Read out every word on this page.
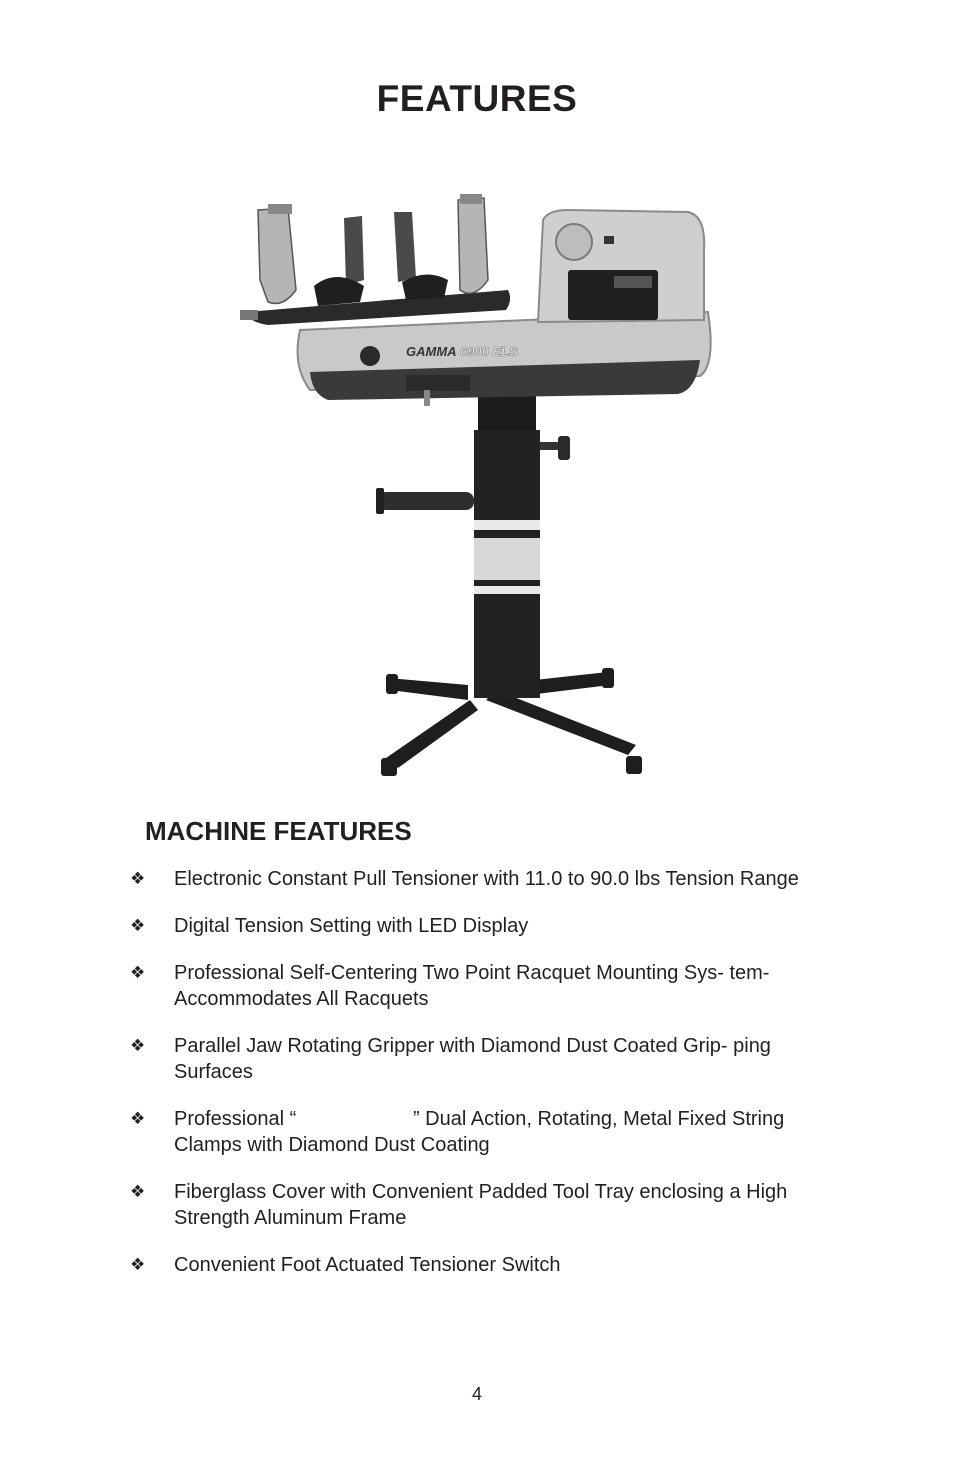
FEATURES
GAMMA 6900 ELS
MACHINE FEATURES
❖ Electronic Constant Pull Tensioner with 11.0 to 90.0 lbs Tension Range
❖ Digital Tension Setting with LED Display
❖ Professional Self-Centering Two Point Racquet Mounting Sys- tem- Accommodates All Racquets
❖ Parallel Jaw Rotating Gripper with Diamond Dust Coated Grip- ping Surfaces
❖ Professional “                     ” Dual Action, Rotating, Metal Fixed String Clamps with Diamond Dust Coating
❖ Fiberglass Cover with Convenient Padded Tool Tray enclosing a High Strength Aluminum Frame
❖ Convenient Foot Actuated Tensioner Switch
4
